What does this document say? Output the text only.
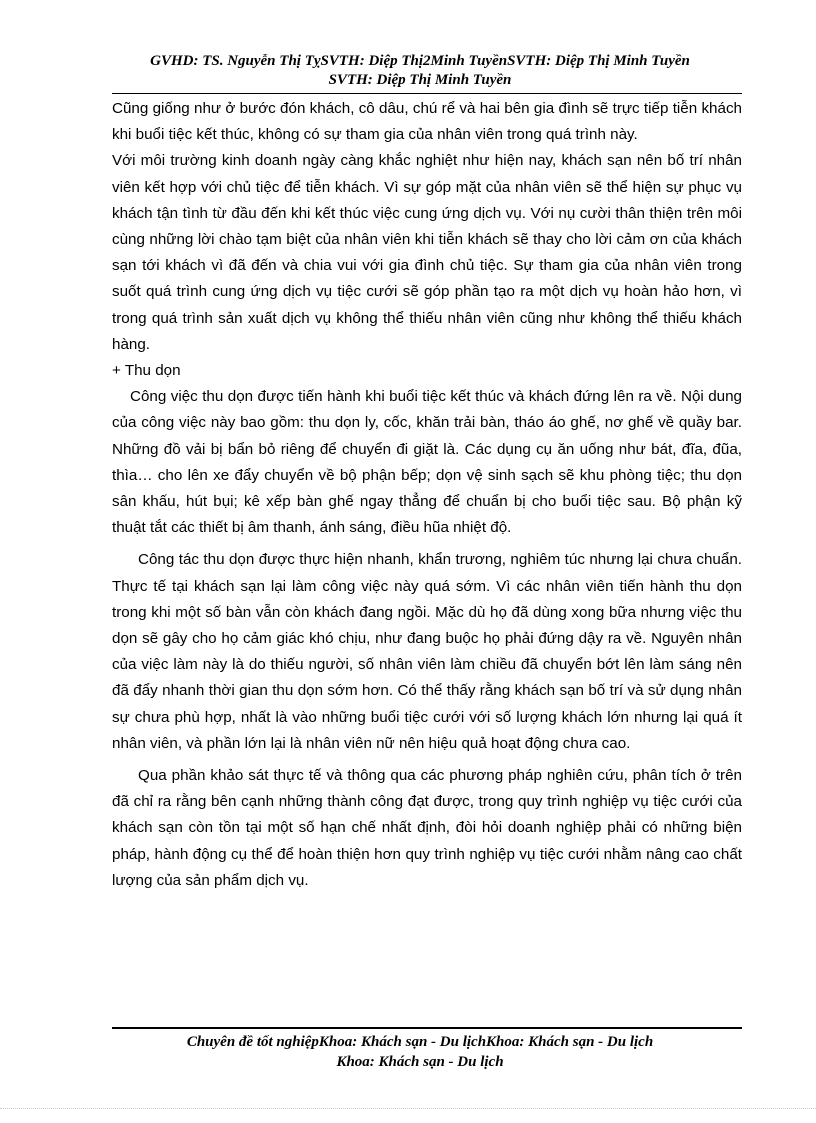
GVHD: TS. Nguyễn Thị TỵSVTH: Diệp Thị2Minh TuyềnSVTH: Diệp Thị Minh Tuyền
SVTH: Diệp Thị Minh Tuyền

Cũng giống như ở bước đón khách, cô dâu, chú rể và hai bên gia đình sẽ trực tiếp tiễn khách khi buổi tiệc kết thúc, không có sự tham gia của nhân viên trong quá trình này.

Với môi trường kinh doanh ngày càng khắc nghiệt như hiện nay, khách sạn nên bố trí nhân viên kết hợp với chủ tiệc để tiễn khách. Vì sự góp mặt của nhân viên sẽ thể hiện sự phục vụ khách tận tình từ đầu đến khi kết thúc việc cung ứng dịch vụ. Với nụ cười thân thiện trên môi cùng những lời chào tạm biệt của nhân viên khi tiễn khách sẽ thay cho lời cảm ơn của khách sạn tới khách vì đã đến và chia vui với gia đình chủ tiệc. Sự tham gia của nhân viên trong suốt quá trình cung ứng dịch vụ tiệc cưới sẽ góp phần tạo ra một dịch vụ hoàn hảo hơn, vì trong quá trình sản xuất dịch vụ không thể thiếu nhân viên cũng như không thể thiếu khách hàng.

+ Thu dọn

Công việc thu dọn được tiến hành khi buổi tiệc kết thúc và khách đứng lên ra về. Nội dung của công việc này bao gồm: thu dọn ly, cốc, khăn trải bàn, tháo áo ghế, nơ ghế về quầy bar. Những đồ vải bị bẩn bỏ riêng để chuyển đi giặt là. Các dụng cụ ăn uống như bát, đĩa, đũa, thìa… cho lên xe đẩy chuyển về bộ phận bếp; dọn vệ sinh sạch sẽ khu phòng tiệc; thu dọn sân khấu, hút bụi; kê xếp bàn ghế ngay thẳng để chuẩn bị cho buổi tiệc sau. Bộ phận kỹ thuật tắt các thiết bị âm thanh, ánh sáng, điều hũa nhiệt độ.

Công tác thu dọn được thực hiện nhanh, khẩn trương, nghiêm túc nhưng lại chưa chuẩn. Thực tế tại khách sạn lại làm công việc này quá sớm. Vì các nhân viên tiến hành thu dọn trong khi một số bàn vẫn còn khách đang ngồi. Mặc dù họ đã dùng xong bữa nhưng việc thu dọn sẽ gây cho họ cảm giác khó chịu, như đang buộc họ phải đứng dậy ra về. Nguyên nhân của việc làm này là do thiếu người, số nhân viên làm chiều đã chuyển bớt lên làm sáng nên đã đẩy nhanh thời gian thu dọn sớm hơn. Có thể thấy rằng khách sạn bố trí và sử dụng nhân sự chưa phù hợp, nhất là vào những buổi tiệc cưới với số lượng khách lớn nhưng lại quá ít nhân viên, và phần lớn lại là nhân viên nữ nên hiệu quả hoạt động chưa cao.

Qua phần khảo sát thực tế và thông qua các phương pháp nghiên cứu, phân tích ở trên đã chỉ ra rằng bên cạnh những thành công đạt được, trong quy trình nghiệp vụ tiệc cưới của khách sạn còn tồn tại một số hạn chế nhất định, đòi hỏi doanh nghiệp phải có những biện pháp, hành động cụ thể để hoàn thiện hơn quy trình nghiệp vụ tiệc cưới nhằm nâng cao chất lượng của sản phẩm dịch vụ.

Chuyên đề tốt nghiệpKhoa: Khách sạn - Du lịchKhoa: Khách sạn - Du lịch
Khoa: Khách sạn - Du lịch
